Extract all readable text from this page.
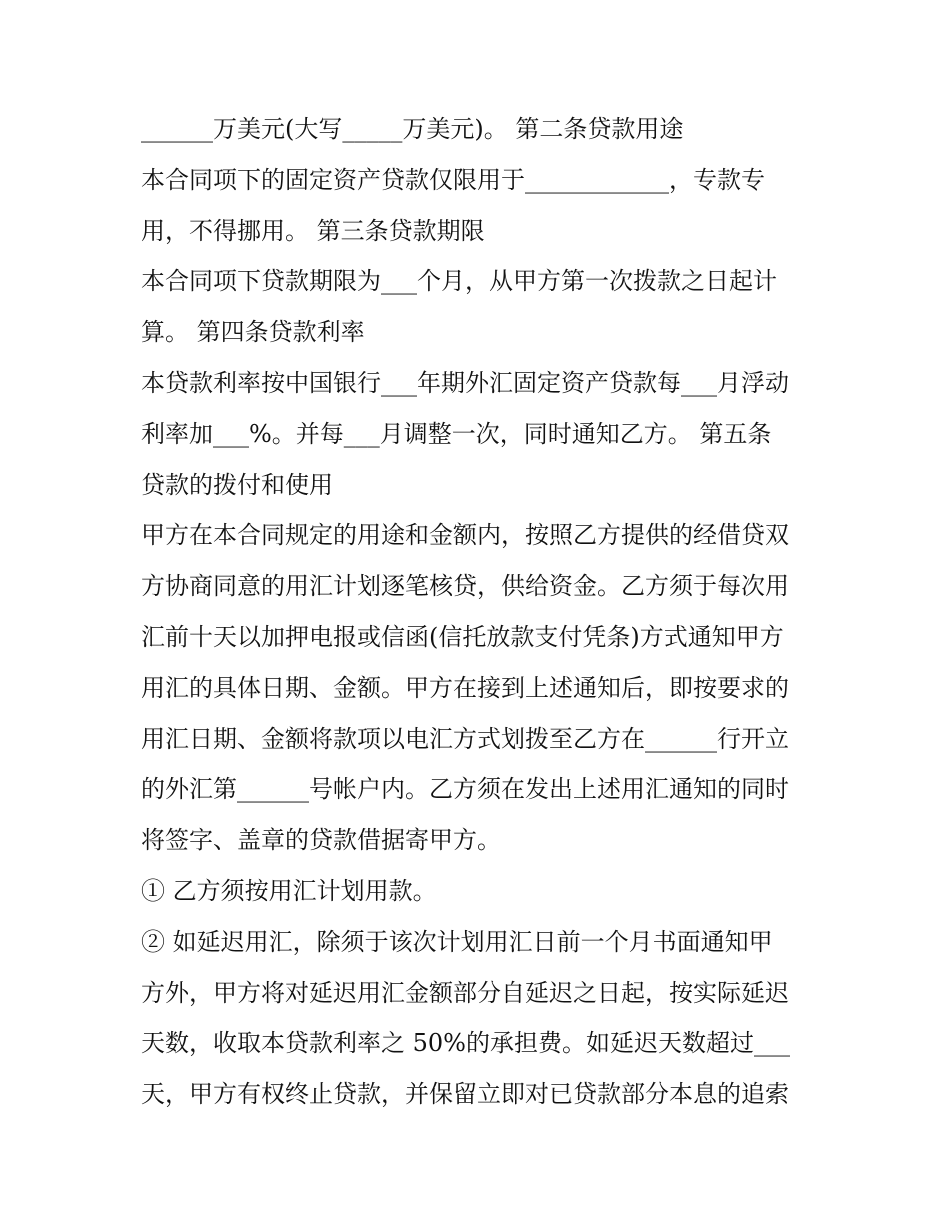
______万美元(大写_____万美元)。 第二条贷款用途
本合同项下的固定资产贷款仅限用于____________，专款专
用，不得挪用。 第三条贷款期限
本合同项下贷款期限为___个月，从甲方第一次拨款之日起计
算。 第四条贷款利率
本贷款利率按中国银行___年期外汇固定资产贷款每___月浮动
利率加___%。并每___月调整一次，同时通知乙方。 第五条
贷款的拨付和使用
甲方在本合同规定的用途和金额内，按照乙方提供的经借贷双
方协商同意的用汇计划逐笔核贷，供给资金。乙方须于每次用
汇前十天以加押电报或信函(信托放款支付凭条)方式通知甲方
用汇的具体日期、金额。甲方在接到上述通知后，即按要求的
用汇日期、金额将款项以电汇方式划拨至乙方在______行开立
的外汇第______号帐户内。乙方须在发出上述用汇通知的同时
将签字、盖章的贷款借据寄甲方。
① 乙方须按用汇计划用款。
② 如延迟用汇，除须于该次计划用汇日前一个月书面通知甲
方外，甲方将对延迟用汇金额部分自延迟之日起，按实际延迟
天数，收取本贷款利率之 50%的承担费。如延迟天数超过___
天，甲方有权终止贷款，并保留立即对已贷款部分本息的追索
